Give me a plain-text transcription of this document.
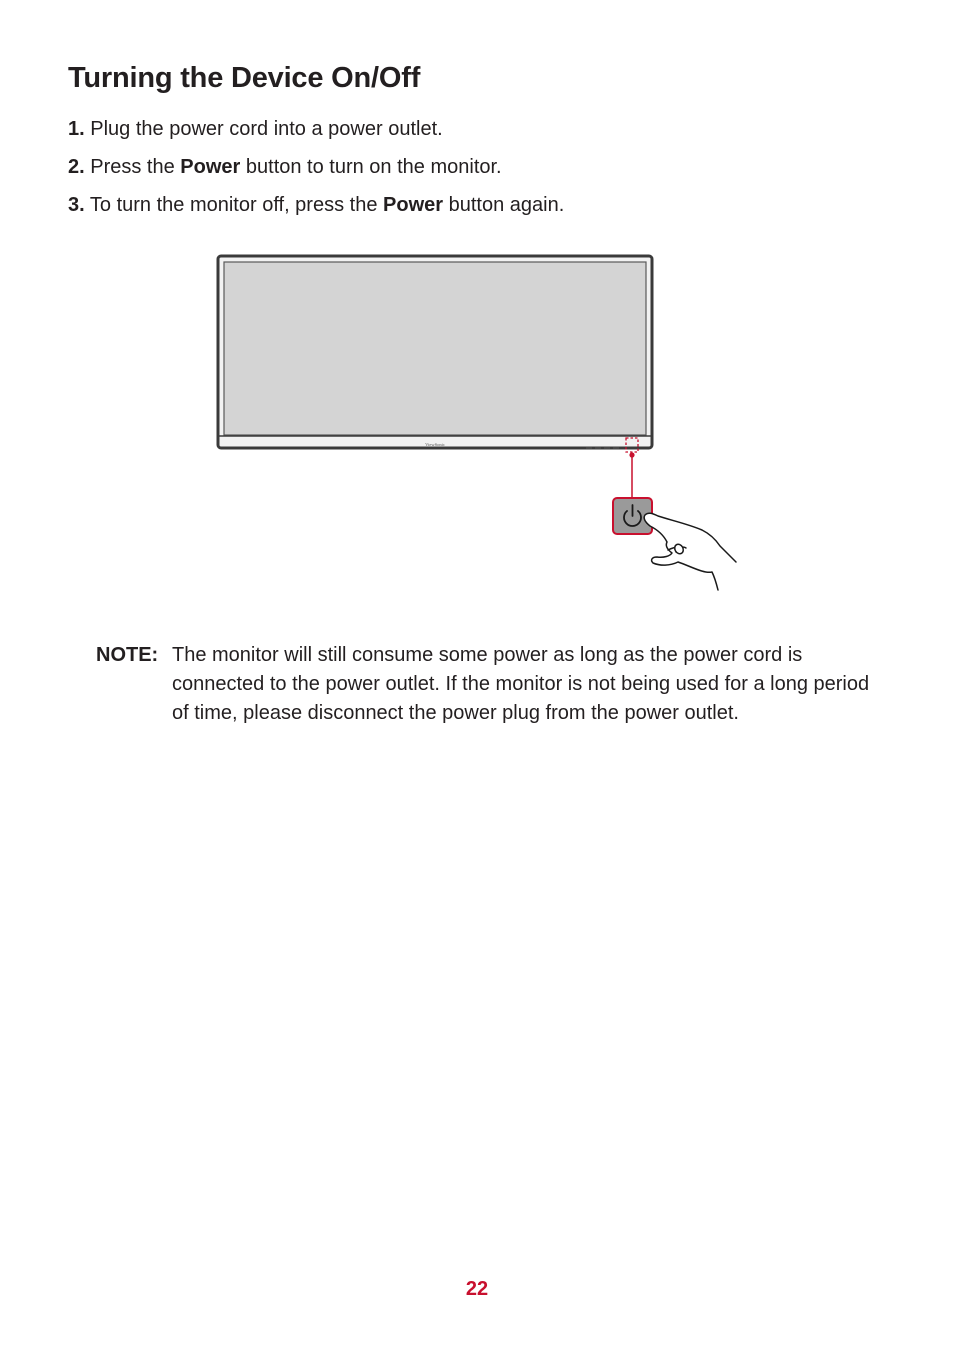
Turning the Device On/Off
1. Plug the power cord into a power outlet.
2. Press the Power button to turn on the monitor.
3. To turn the monitor off, press the Power button again.
ViewSonic
NOTE: The monitor will still consume some power as long as the power cord is connected to the power outlet. If the monitor is not being used for a long period of time, please disconnect the power plug from the power outlet.
22
